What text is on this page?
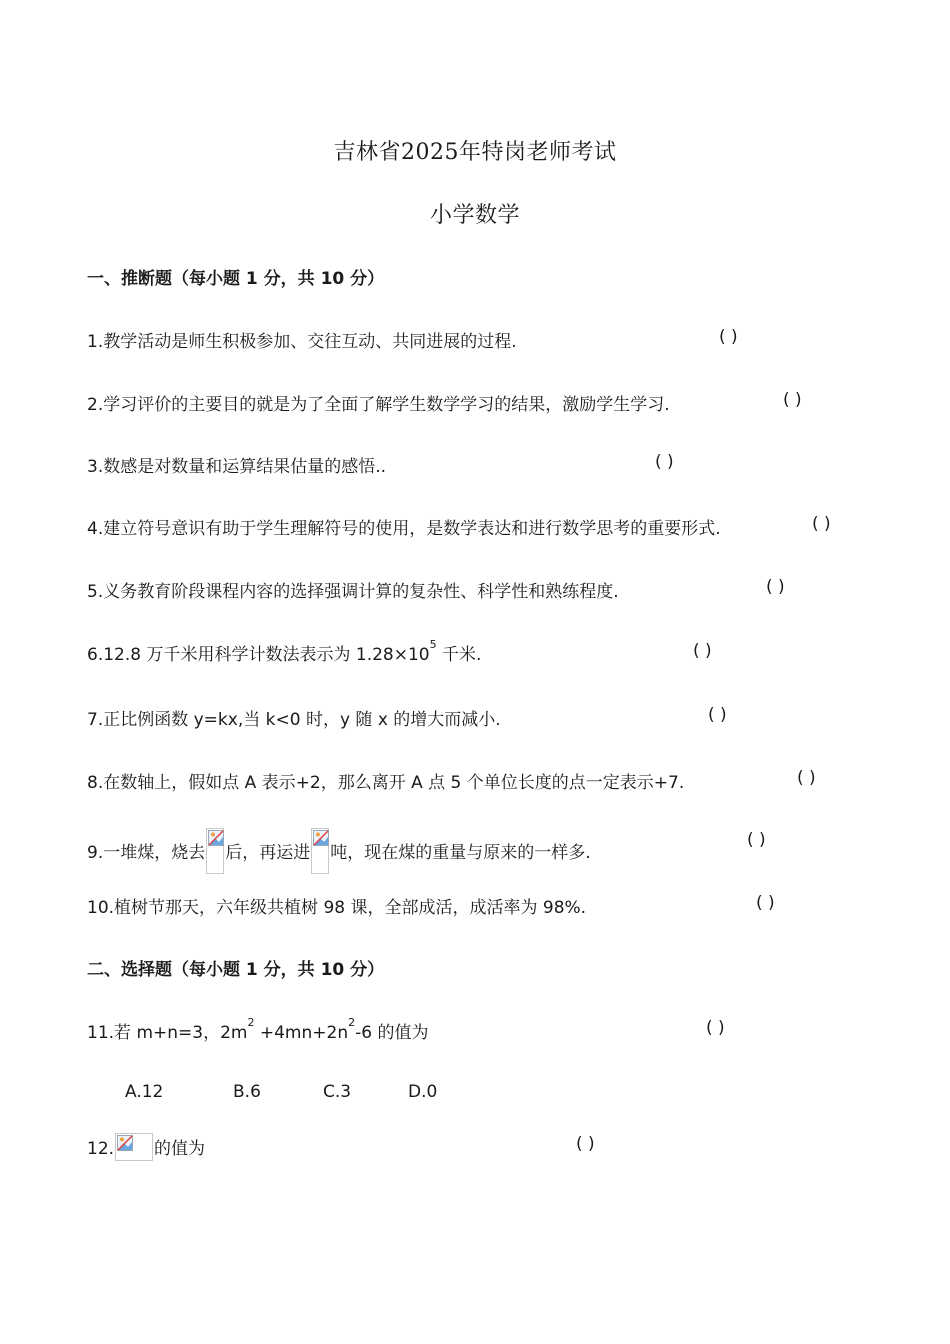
吉林省2025年特岗老师考试
小学数学
一、推断题（每小题 1 分，共 10 分）
1.教学活动是师生积极参加、交往互动、共同进展的过程.	( )
2.学习评价的主要目的就是为了全面了解学生数学学习的结果，激励学生学习.	( )
3.数感是对数量和运算结果估量的感悟..	( )
4.建立符号意识有助于学生理解符号的使用，是数学表达和进行数学思考的重要形式.	( )
5.义务教育阶段课程内容的选择强调计算的复杂性、科学性和熟练程度.	( )
6.12.8 万千米用科学计数法表示为 $1.28\times 10^5$ 千米.	( )
7.正比例函数 y=kx,当 k<0 时，y 随 x 的增大而减小.	( )
8.在数轴上，假如点 A 表示+2，那么离开 A 点 5 个单位长度的点一定表示+7.	( )
9.一堆煤，烧去 后，再运进 吨，现在煤的重量与原来的一样多.
( )
10.植树节那天，六年级共植树 98 课，全部成活，成活率为 98%.	( )
二、选择题（每小题 1 分，共 10 分）
11.若 m+n=3，$2m^2 +4mn+2n^2-6$ 的值为	( )
A.12	B.6	C.3	D.0
12. 的值为	( )
